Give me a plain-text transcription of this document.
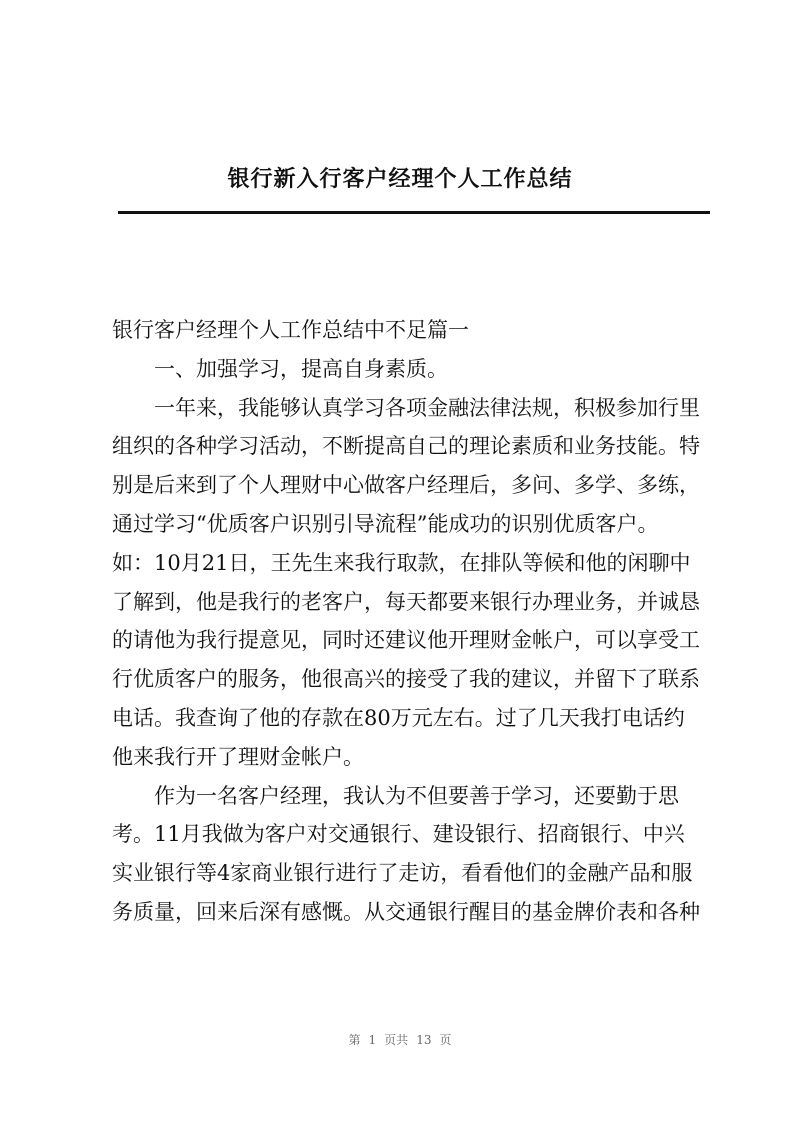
银行新入行客户经理个人工作总结

银行客户经理个人工作总结中不足篇一

一、加强学习，提高自身素质。

一年来，我能够认真学习各项金融法律法规，积极参加行里

组织的各种学习活动，不断提高自己的理论素质和业务技能。特

别是后来到了个人理财中心做客户经理后，多问、多学、多练，

通过学习“优质客户识别引导流程”能成功的识别优质客户。

如：10月21日，王先生来我行取款，在排队等候和他的闲聊中

了解到，他是我行的老客户，每天都要来银行办理业务，并诚恳

的请他为我行提意见，同时还建议他开理财金帐户，可以享受工

行优质客户的服务，他很高兴的接受了我的建议，并留下了联系

电话。我查询了他的存款在80万元左右。过了几天我打电话约

他来我行开了理财金帐户。

作为一名客户经理，我认为不但要善于学习，还要勤于思

考。11月我做为客户对交通银行、建设银行、招商银行、中兴

实业银行等4家商业银行进行了走访，看看他们的金融产品和服

务质量，回来后深有感慨。从交通银行醒目的基金牌价表和各种

第 1 页共 13 页
